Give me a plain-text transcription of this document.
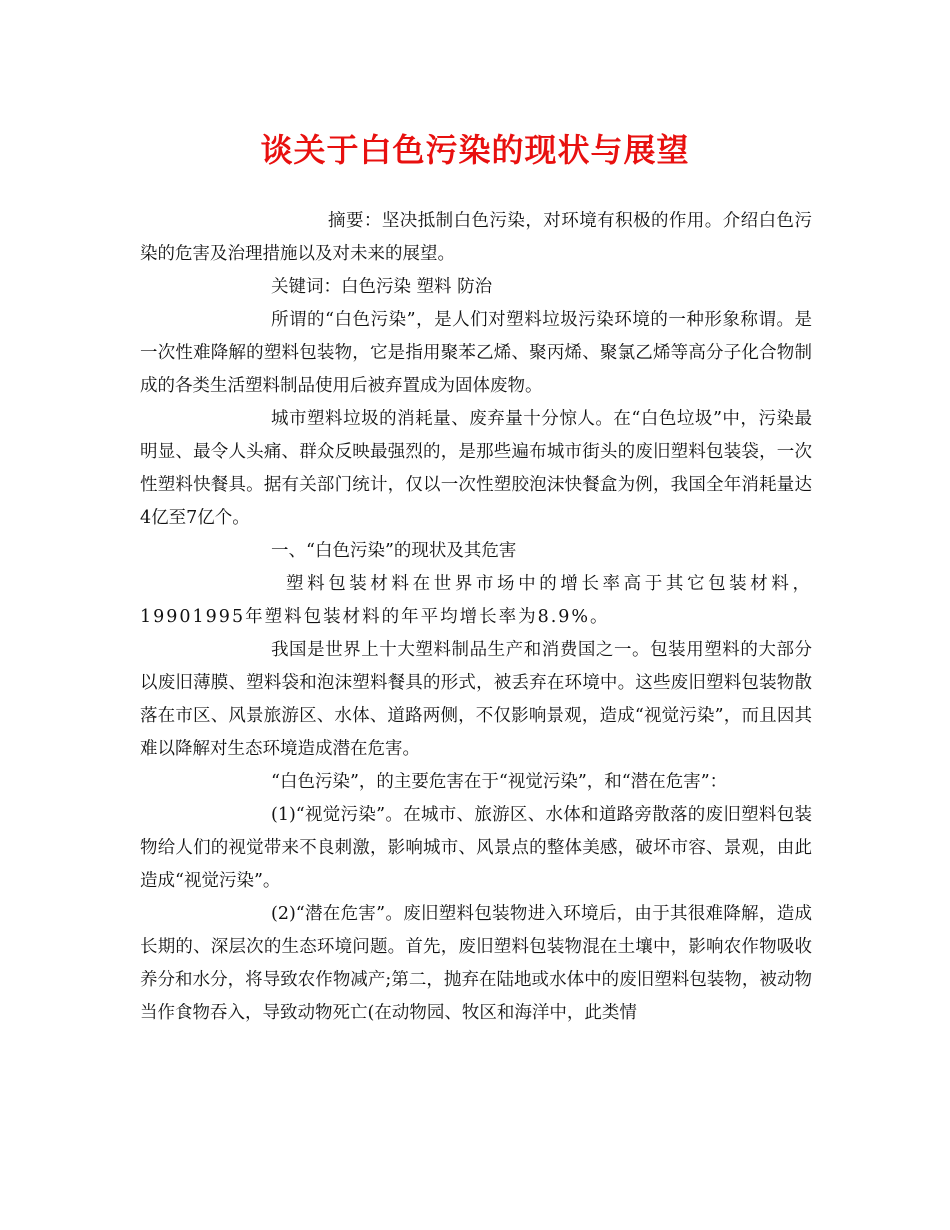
谈关于白色污染的现状与展望

摘要：坚决抵制白色污染，对环境有积极的作用。介绍白色污染的危害及治理措施以及对未来的展望。

关键词：白色污染 塑料 防治

所谓的“白色污染”，是人们对塑料垃圾污染环境的一种形象称谓。是一次性难降解的塑料包装物，它是指用聚苯乙烯、聚丙烯、聚氯乙烯等高分子化合物制成的各类生活塑料制品使用后被弃置成为固体废物。

城市塑料垃圾的消耗量、废弃量十分惊人。在“白色垃圾”中，污染最明显、最令人头痛、群众反映最强烈的，是那些遍布城市街头的废旧塑料包装袋，一次性塑料快餐具。据有关部门统计，仅以一次性塑胶泡沫快餐盒为例，我国全年消耗量达4亿至7亿个。

一、“白色污染”的现状及其危害

塑料包装材料在世界市场中的增长率高于其它包装材料，19901995年塑料包装材料的年平均增长率为8.9%。

我国是世界上十大塑料制品生产和消费国之一。包装用塑料的大部分以废旧薄膜、塑料袋和泡沫塑料餐具的形式，被丢弃在环境中。这些废旧塑料包装物散落在市区、风景旅游区、水体、道路两侧，不仅影响景观，造成“视觉污染”，而且因其难以降解对生态环境造成潜在危害。

“白色污染”，的主要危害在于“视觉污染”，和“潜在危害”：

(1)“视觉污染”。在城市、旅游区、水体和道路旁散落的废旧塑料包装物给人们的视觉带来不良刺激，影响城市、风景点的整体美感，破坏市容、景观，由此造成“视觉污染”。

(2)“潜在危害”。废旧塑料包装物进入环境后，由于其很难降解，造成长期的、深层次的生态环境问题。首先，废旧塑料包装物混在土壤中，影响农作物吸收养分和水分，将导致农作物减产;第二，抛弃在陆地或水体中的废旧塑料包装物，被动物当作食物吞入，导致动物死亡(在动物园、牧区和海洋中，此类情
